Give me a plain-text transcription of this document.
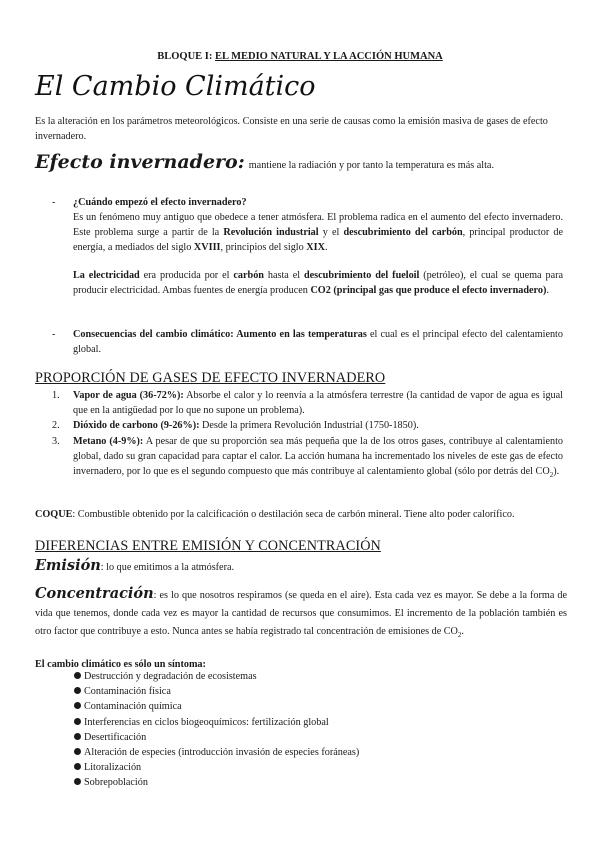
BLOQUE I: EL MEDIO NATURAL Y LA ACCIÓN HUMANA
El Cambio Climático
Es la alteración en los parámetros meteorológicos. Consiste en una serie de causas como la emisión masiva de gases de efecto invernadero.
Efecto invernadero: mantiene la radiación y por tanto la temperatura es más alta.
- ¿Cuándo empezó el efecto invernadero?
Es un fenómeno muy antiguo que obedece a tener atmósfera. El problema radica en el aumento del efecto invernadero. Este problema surge a partir de la Revolución industrial y el descubrimiento del carbón, principal productor de energía, a mediados del siglo XVIII, principios del siglo XIX.
La electricidad era producida por el carbón hasta el descubrimiento del fueloil (petróleo), el cual se quema para producir electricidad. Ambas fuentes de energía producen CO2 (principal gas que produce el efecto invernadero).
- Consecuencias del cambio climático: Aumento en las temperaturas el cual es el principal efecto del calentamiento global.
PROPORCIÓN DE GASES DE EFECTO INVERNADERO
1. Vapor de agua (36-72%): Absorbe el calor y lo reenvía a la atmósfera terrestre (la cantidad de vapor de agua es igual que en la antigüedad por lo que no supone un problema).
2. Dióxido de carbono (9-26%): Desde la primera Revolución Industrial (1750-1850).
3. Metano (4-9%): A pesar de que su proporción sea más pequeña que la de los otros gases, contribuye al calentamiento global, dado su gran capacidad para captar el calor. La acción humana ha incrementado los niveles de este gas de efecto invernadero, por lo que es el segundo compuesto que más contribuye al calentamiento global (sólo por detrás del $CO_2$).
COQUE: Combustible obtenido por la calcificación o destilación seca de carbón mineral. Tiene alto poder calorífico.
DIFERENCIAS ENTRE EMISIÓN Y CONCENTRACIÓN
Emisión: lo que emitimos a la atmósfera.
Concentración: es lo que nosotros respiramos (se queda en el aire). Esta cada vez es mayor. Se debe a la forma de vida que tenemos, donde cada vez es mayor la cantidad de recursos que consumimos. El incremento de la población también es otro factor que contribuye a esto. Nunca antes se había registrado tal concentración de emisiones de $CO_2$.
El cambio climático es sólo un síntoma:
Destrucción y degradación de ecosistemas
Contaminación física
Contaminación química
Interferencias en ciclos biogeoquímicos: fertilización global
Desertificación
Alteración de especies (introducción invasión de especies foráneas)
Litoralización
Sobrepoblación
